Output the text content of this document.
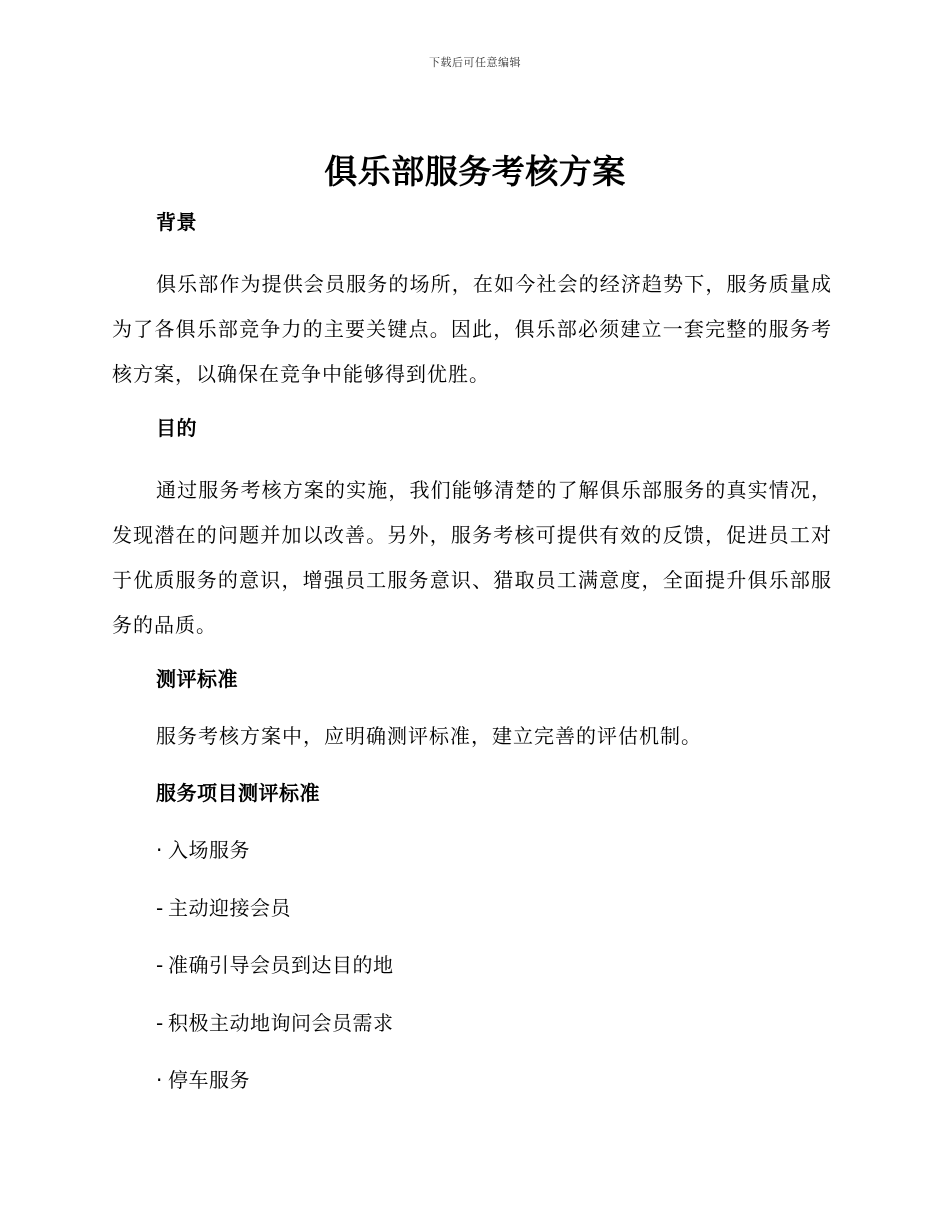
下载后可任意编辑
俱乐部服务考核方案
背景
俱乐部作为提供会员服务的场所，在如今社会的经济趋势下，服务质量成为了各俱乐部竞争力的主要关键点。因此，俱乐部必须建立一套完整的服务考核方案，以确保在竞争中能够得到优胜。
目的
通过服务考核方案的实施，我们能够清楚的了解俱乐部服务的真实情况，发现潜在的问题并加以改善。另外，服务考核可提供有效的反馈，促进员工对于优质服务的意识，增强员工服务意识、猎取员工满意度，全面提升俱乐部服务的品质。
测评标准
服务考核方案中，应明确测评标准，建立完善的评估机制。
服务项目测评标准
· 入场服务
- 主动迎接会员
- 准确引导会员到达目的地
- 积极主动地询问会员需求
· 停车服务
